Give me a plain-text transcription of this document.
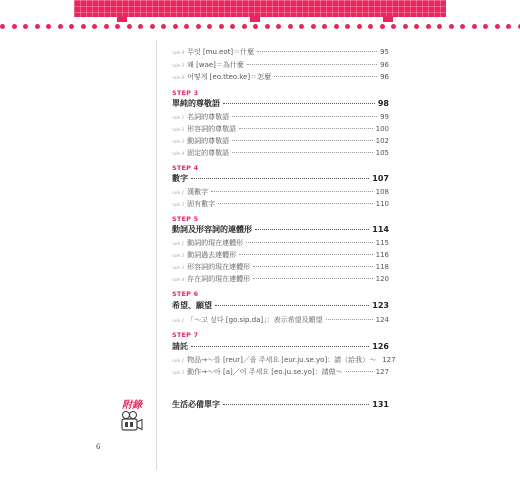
rule 4 무엇 [mu.eot]＝什麼	95
rule 5 왜 [wae]＝為什麼	96
rule 6 어떻게 [eo.tteo.ke]＝怎麼	96
STEP 3
單純的尊敬語	98
rule 1 名詞的尊敬語	99
rule 2 形容詞的尊敬語	100
rule 3 動詞的尊敬語	102
rule 4 固定的尊敬語	105
STEP 4
數字	107
rule 1 漢數字	108
rule 2 固有數字	110
STEP 5
動詞及形容詞的連體形	114
rule 1 動詞的現在連體形	115
rule 2 動詞過去連體形	116
rule 3 形容詞的現在連體形	118
rule 4 存在詞的現在連體形	120
STEP 6
希望、願望	123
rule 1 「～고 싶다 [go.sip.da]」：表示希望及願望	124
STEP 7
請託	126
rule 1 物品→～를 [reur]／을 주세요 [eur.ju.se.yo]：請（給我）～ 127
rule 2 動作→～아 [a]／어 주세요 [eo.ju.se.yo]：請做～	127
附錄	生活必備單字	131
6
